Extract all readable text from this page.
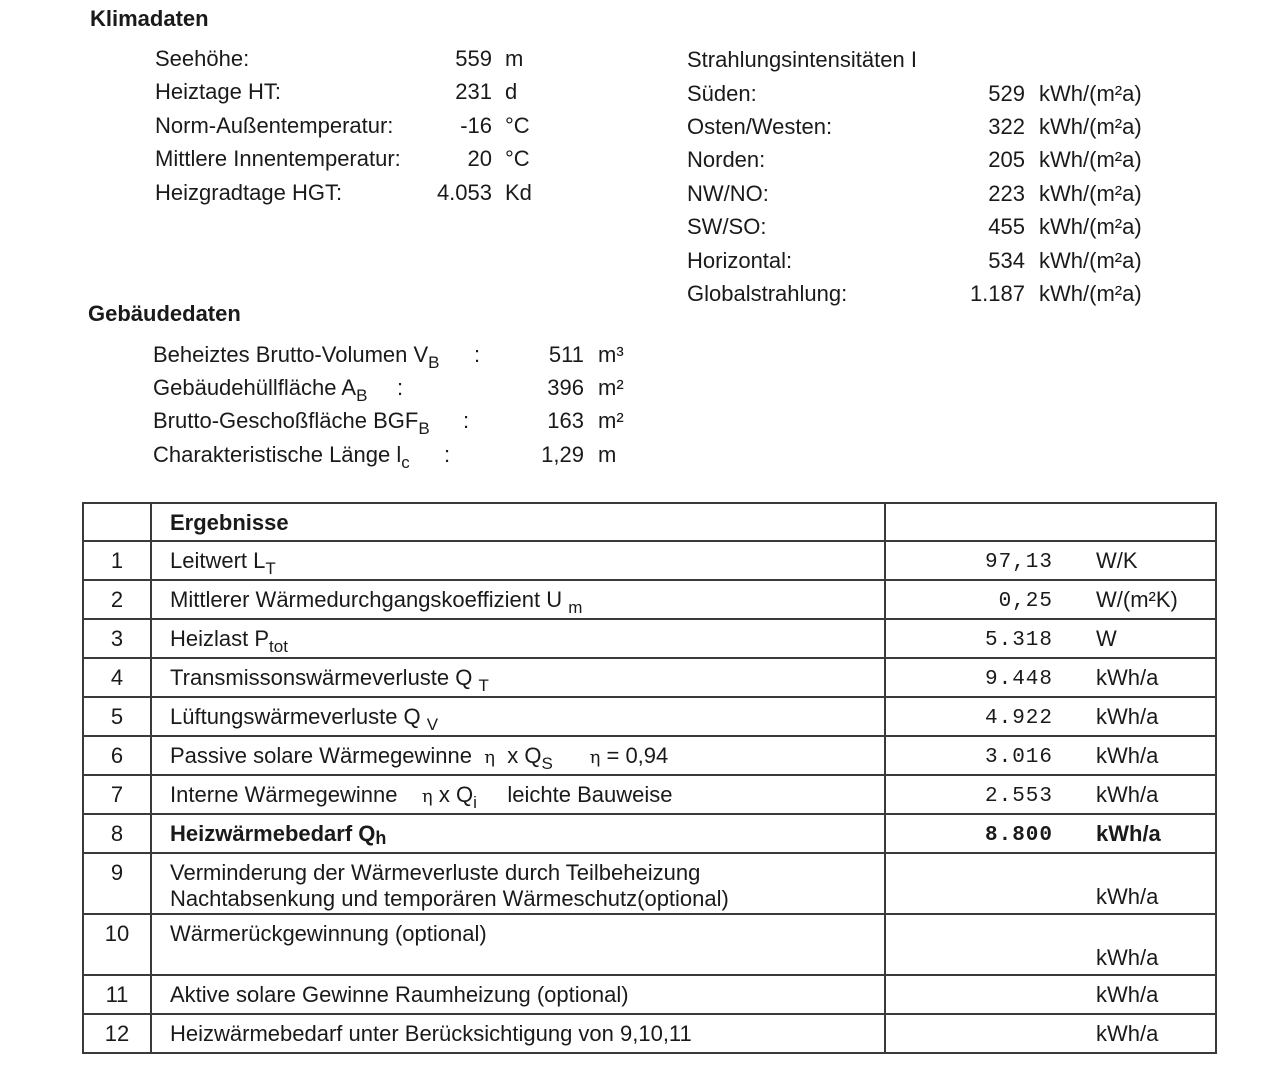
Klimadaten
Seehöhe:	559 m
Heiztage HT:	231 d
Norm-Außentemperatur:	-16 °C
Mittlere Innentemperatur:	20 °C
Heizgradtage HGT:	4.053 Kd
Strahlungsintensitäten I
Süden:	529 kWh/(m²a)
Osten/Westen:	322 kWh/(m²a)
Norden:	205 kWh/(m²a)
NW/NO:	223 kWh/(m²a)
SW/SO:	455 kWh/(m²a)
Horizontal:	534 kWh/(m²a)
Globalstrahlung:	1.187 kWh/(m²a)
Gebäudedaten
Beheiztes Brutto-Volumen $V_B$ :	511 m³
Gebäudehüllfläche $A_B$ :	396 m²
Brutto-Geschoßfläche $BGF_B$ :	163 m²
Charakteristische Länge $l_c$ :	1,29 m
	Ergebnisse	
1	Leitwert $L_T$	97,13 W/K

2	Mittlerer Wärmedurchgangskoeffizient U $_m$	0,25 W/(m²K)

3	Heizlast $P_{tot}$	5.318 W

4	Transmissonswärmeverluste Q $_T$	9.448 kWh/a

5	Lüftungswärmeverluste Q $_V$	4.922 kWh/a

6	Passive solare Wärmegewinne η x $Q_S$ η = 0,94	3.016 kWh/a

7	Interne Wärmegewinne η x $Q_i$ leichte Bauweise	2.553 kWh/a

8	Heizwärmebedarf $Q_h$	8.800 kWh/a

9	Verminderung der Wärmeverluste durch Teilbeheizung
Nachtabsenkung und temporären Wärmeschutz(optional)	kWh/a

10	Wärmerückgewinnung (optional)	kWh/a

11	Aktive solare Gewinne Raumheizung (optional)	kWh/a

12	Heizwärmebedarf unter Berücksichtigung von 9,10,11	kWh/a
